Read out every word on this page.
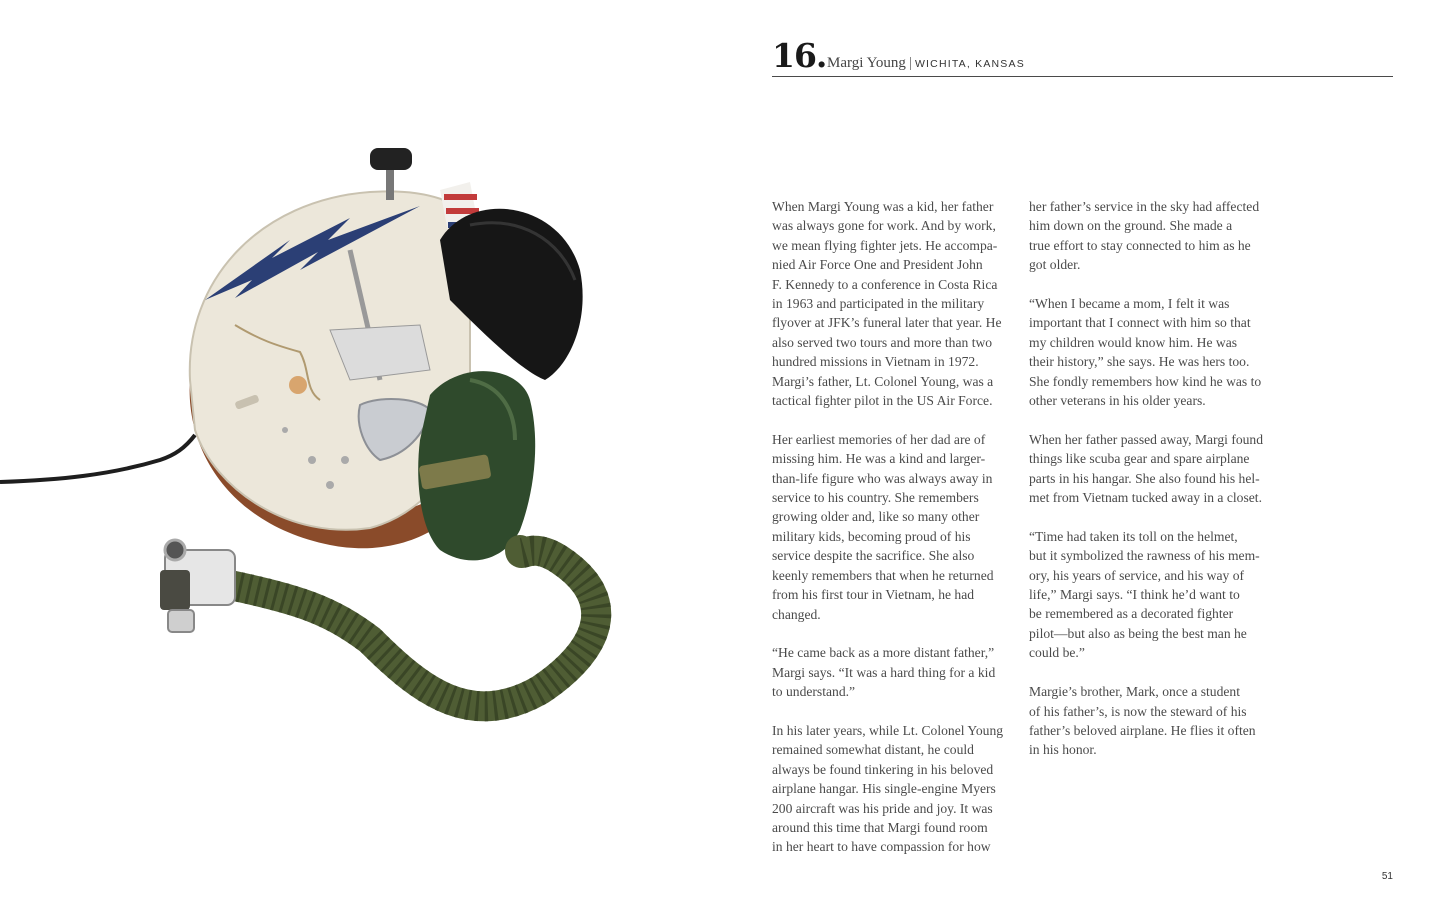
16. Margi Young | WICHITA, KANSAS

When Margi Young was a kid, her father
was always gone for work. And by work,
we mean flying fighter jets. He accompa-
nied Air Force One and President John
F. Kennedy to a conference in Costa Rica
in 1963 and participated in the military
flyover at JFK’s funeral later that year. He
also served two tours and more than two
hundred missions in Vietnam in 1972.
Margi’s father, Lt. Colonel Young, was a
tactical fighter pilot in the US Air Force.

Her earliest memories of her dad are of
missing him. He was a kind and larger-
than-life figure who was always away in
service to his country. She remembers
growing older and, like so many other
military kids, becoming proud of his
service despite the sacrifice. She also
keenly remembers that when he returned
from his first tour in Vietnam, he had
changed.

“He came back as a more distant father,”
Margi says. “It was a hard thing for a kid
to understand.”

In his later years, while Lt. Colonel Young
remained somewhat distant, he could
always be found tinkering in his beloved
airplane hangar. His single-engine Myers
200 aircraft was his pride and joy. It was
around this time that Margi found room
in her heart to have compassion for how

her father’s service in the sky had affected
him down on the ground. She made a
true effort to stay connected to him as he
got older.

“When I became a mom, I felt it was
important that I connect with him so that
my children would know him. He was
their history,” she says. He was hers too.
She fondly remembers how kind he was to
other veterans in his older years.

When her father passed away, Margi found
things like scuba gear and spare airplane
parts in his hangar. She also found his hel-
met from Vietnam tucked away in a closet.

“Time had taken its toll on the helmet,
but it symbolized the rawness of his mem-
ory, his years of service, and his way of
life,” Margi says. “I think he’d want to
be remembered as a decorated fighter
pilot—but also as being the best man he
could be.”

Margie’s brother, Mark, once a student
of his father’s, is now the steward of his
father’s beloved airplane. He flies it often
in his honor.

51
